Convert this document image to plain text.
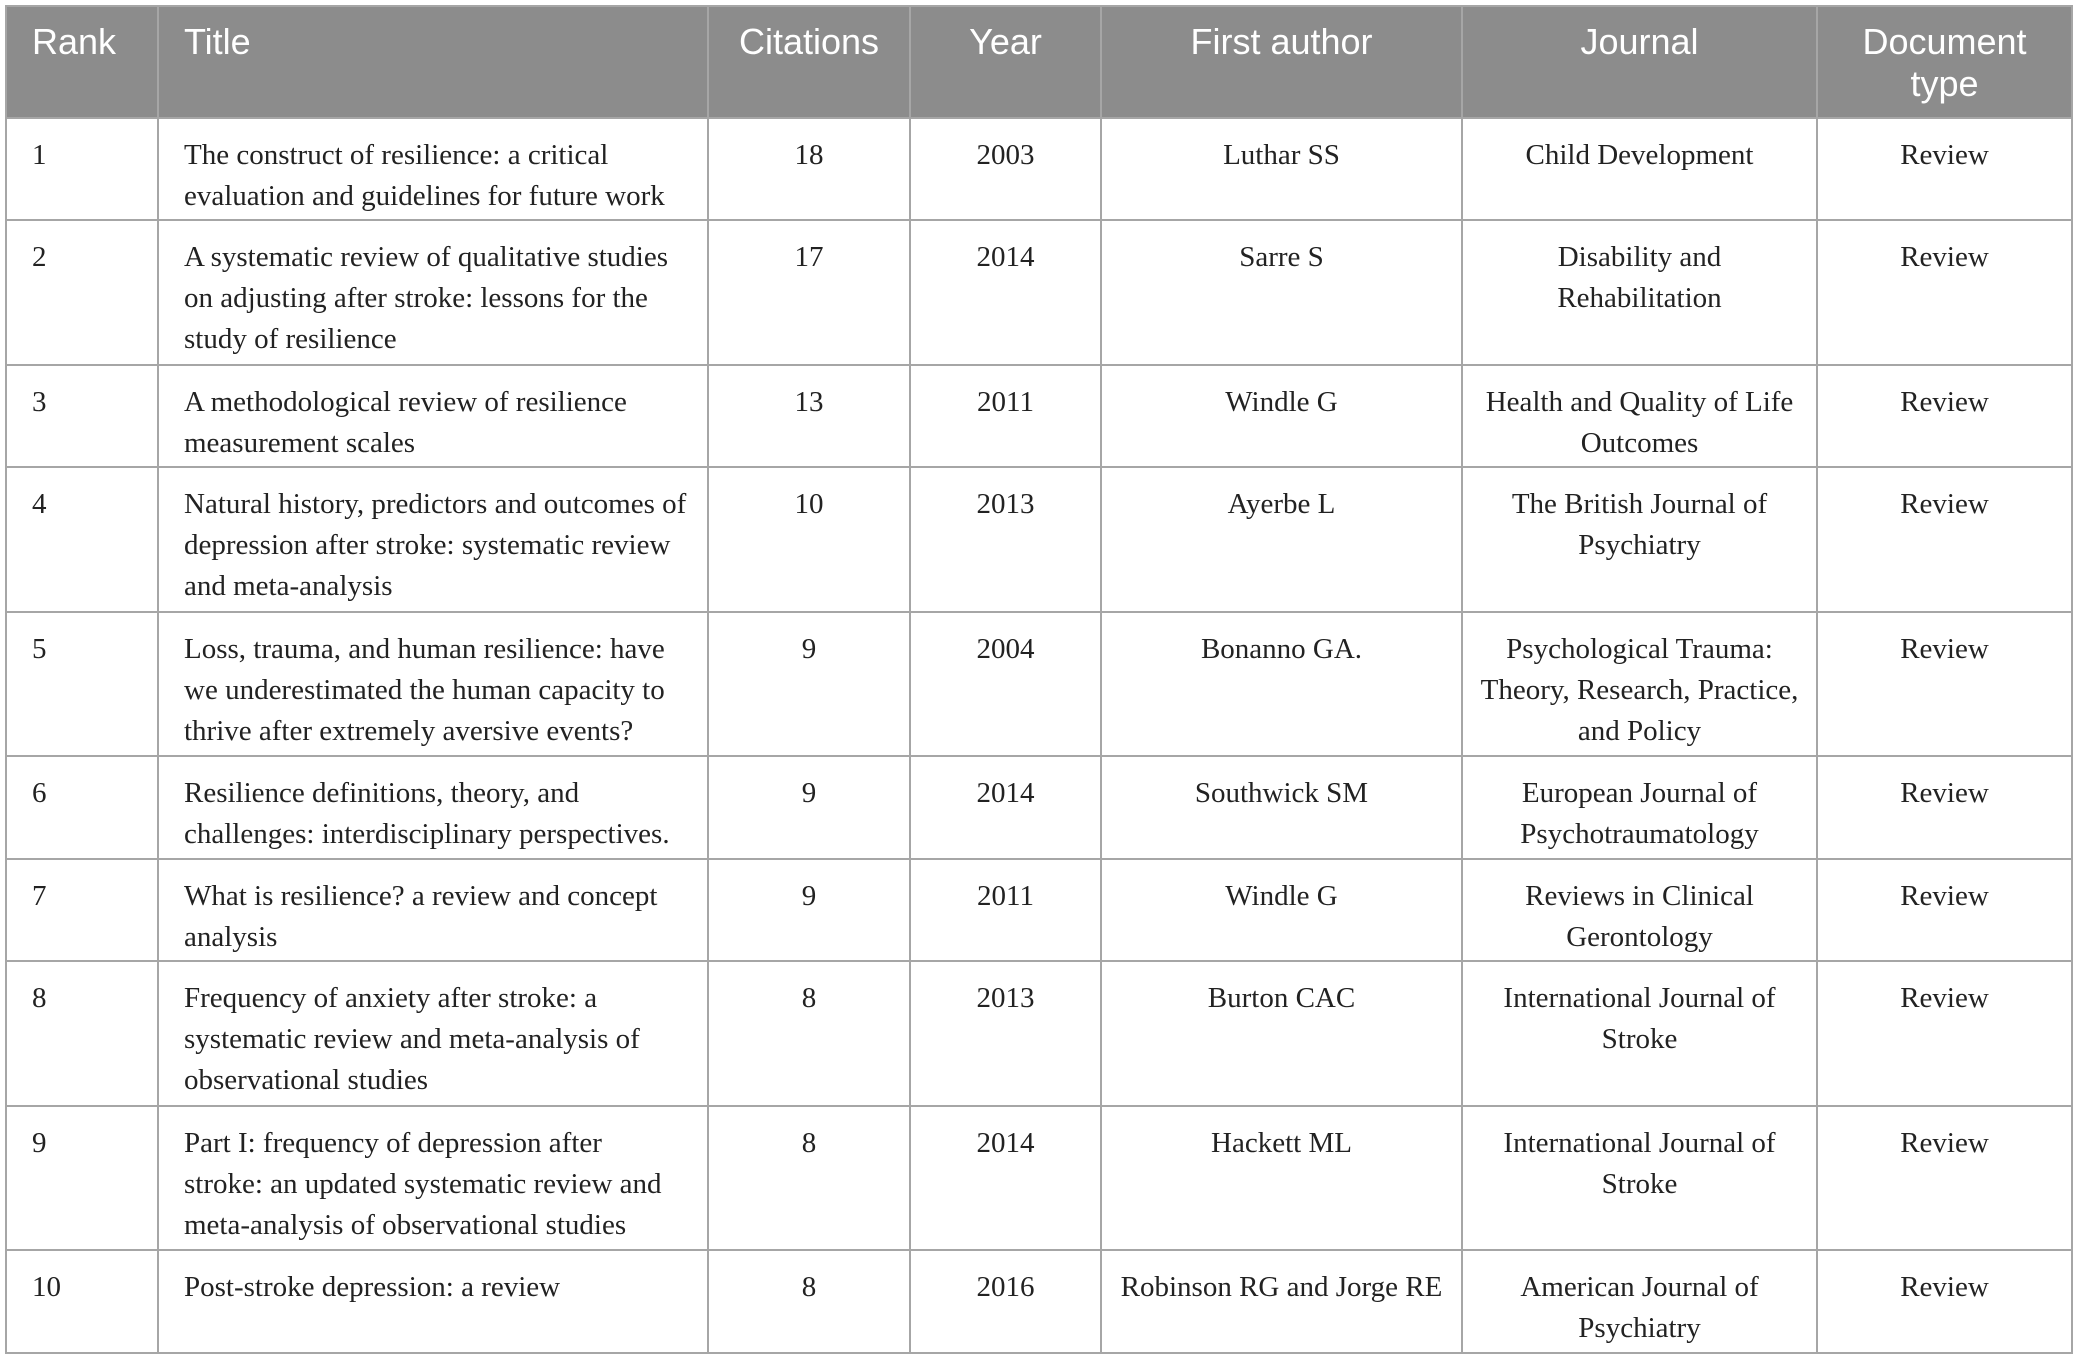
Rank	Title	Citations	Year	First author	Journal	Document type
1	The construct of resilience: a critical evaluation and guidelines for future work	18	2003	Luthar SS	Child Development	Review
2	A systematic review of qualitative studies on adjusting after stroke: lessons for the study of resilience	17	2014	Sarre S	Disability and Rehabilitation	Review
3	A methodological review of resilience measurement scales	13	2011	Windle G	Health and Quality of Life Outcomes	Review
4	Natural history, predictors and outcomes of depression after stroke: systematic review and meta-analysis	10	2013	Ayerbe L	The British Journal of Psychiatry	Review
5	Loss, trauma, and human resilience: have we underestimated the human capacity to thrive after extremely aversive events?	9	2004	Bonanno GA.	Psychological Trauma: Theory, Research, Practice, and Policy	Review
6	Resilience definitions, theory, and challenges: interdisciplinary perspectives.	9	2014	Southwick SM	European Journal of Psychotraumatology	Review
7	What is resilience? a review and concept analysis	9	2011	Windle G	Reviews in Clinical Gerontology	Review
8	Frequency of anxiety after stroke: a systematic review and meta-analysis of observational studies	8	2013	Burton CAC	International Journal of Stroke	Review
9	Part I: frequency of depression after stroke: an updated systematic review and meta-analysis of observational studies	8	2014	Hackett ML	International Journal of Stroke	Review
10	Post-stroke depression: a review	8	2016	Robinson RG and Jorge RE	American Journal of Psychiatry	Review
